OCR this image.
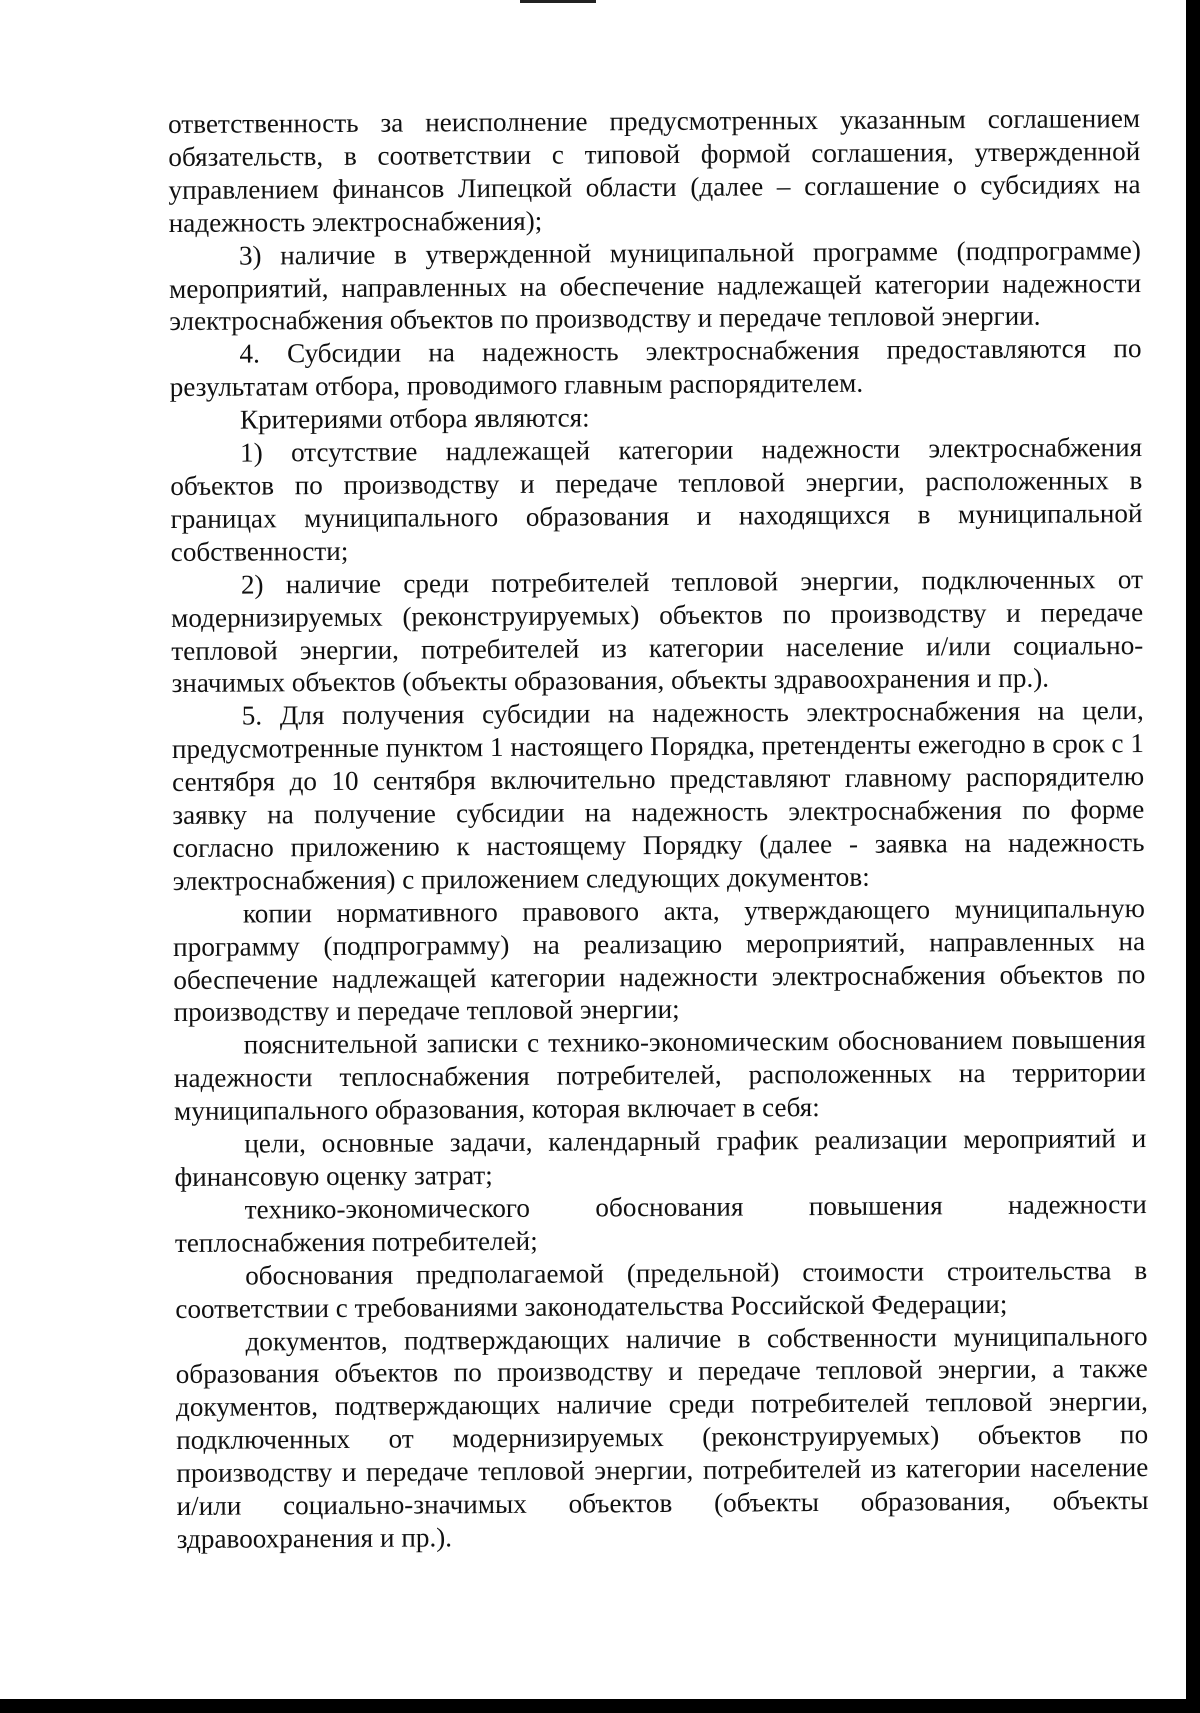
ответственность за неисполнение предусмотренных указанным соглашением обязательств, в соответствии с типовой формой соглашения, утвержденной управлением финансов Липецкой области (далее – соглашение о субсидиях на надежность электроснабжения);

3) наличие в утвержденной муниципальной программе (подпрограмме) мероприятий, направленных на обеспечение надлежащей категории надежности электроснабжения объектов по производству и передаче тепловой энергии.

4. Субсидии на надежность электроснабжения предоставляются по результатам отбора, проводимого главным распорядителем.

Критериями отбора являются:

1) отсутствие надлежащей категории надежности электроснабжения объектов по производству и передаче тепловой энергии, расположенных в границах муниципального образования и находящихся в муниципальной собственности;

2) наличие среди потребителей тепловой энергии, подключенных от модернизируемых (реконструируемых) объектов по производству и передаче тепловой энергии, потребителей из категории население и/или социально-значимых объектов (объекты образования, объекты здравоохранения и пр.).

5. Для получения субсидии на надежность электроснабжения на цели, предусмотренные пунктом 1 настоящего Порядка, претенденты ежегодно в срок с 1 сентября до 10 сентября включительно представляют главному распорядителю заявку на получение субсидии на надежность электроснабжения по форме согласно приложению к настоящему Порядку (далее - заявка на надежность электроснабжения) с приложением следующих документов:

копии нормативного правового акта, утверждающего муниципальную программу (подпрограмму) на реализацию мероприятий, направленных на обеспечение надлежащей категории надежности электроснабжения объектов по производству и передаче тепловой энергии;

пояснительной записки с технико-экономическим обоснованием повышения надежности теплоснабжения потребителей, расположенных на территории муниципального образования, которая включает в себя:

цели, основные задачи, календарный график реализации мероприятий и финансовую оценку затрат;

технико-экономического обоснования повышения надежности теплоснабжения потребителей;

обоснования предполагаемой (предельной) стоимости строительства в соответствии с требованиями законодательства Российской Федерации;

документов, подтверждающих наличие в собственности муниципального образования объектов по производству и передаче тепловой энергии, а также документов, подтверждающих наличие среди потребителей тепловой энергии, подключенных от модернизируемых (реконструируемых) объектов по производству и передаче тепловой энергии, потребителей из категории население и/или социально-значимых объектов (объекты образования, объекты здравоохранения и пр.).
